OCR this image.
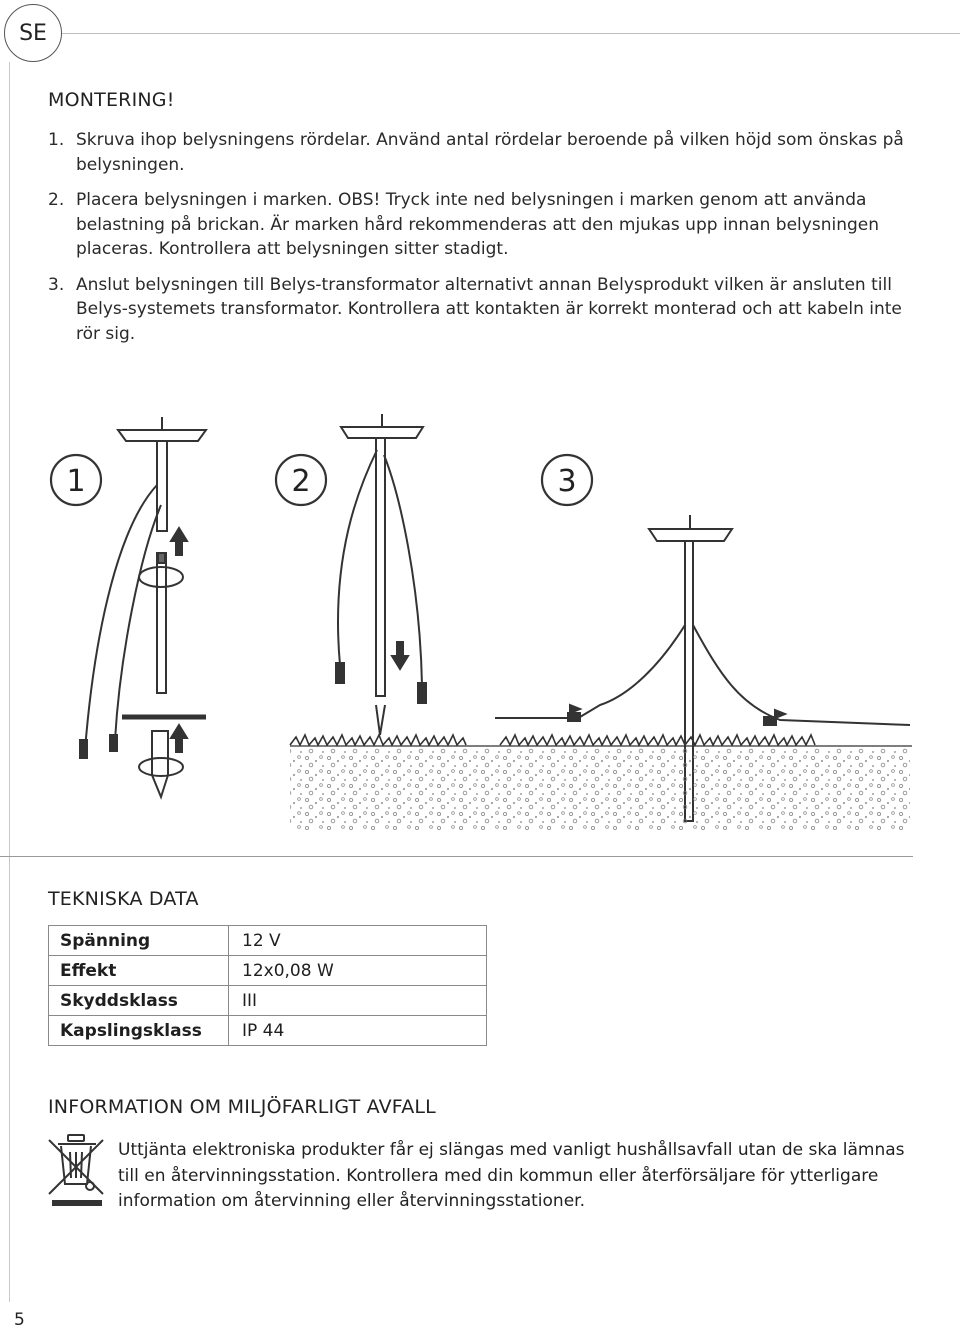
SE
MONTERING!
1. Skruva ihop belysningens rördelar. Använd antal rördelar beroende på vilken höjd som önskas på belysningen.
2. Placera belysningen i marken. OBS! Tryck inte ned belysningen i marken genom att använda belastning på brickan. Är marken hård rekommenderas att den mjukas upp innan belysningen placeras. Kontrollera att belysningen sitter stadigt.
3. Anslut belysningen till Belys-transformator alternativt annan Belysprodukt vilken är ansluten till Belys-systemets transformator. Kontrollera att kontakten är korrekt monterad och att kabeln inte rör sig.
1	2	3
TEKNISKA DATA
Spänning	12 V
Effekt	12x0,08 W
Skyddsklass	III
Kapslingsklass	IP 44
INFORMATION OM MILJÖFARLIGT AVFALL

Uttjänta elektroniska produkter får ej slängas med vanligt hushållsavfall utan de ska lämnas till en återvinningsstation. Kontrollera med din kommun eller återförsäljare för ytterligare information om återvinning eller återvinningsstationer.

5
